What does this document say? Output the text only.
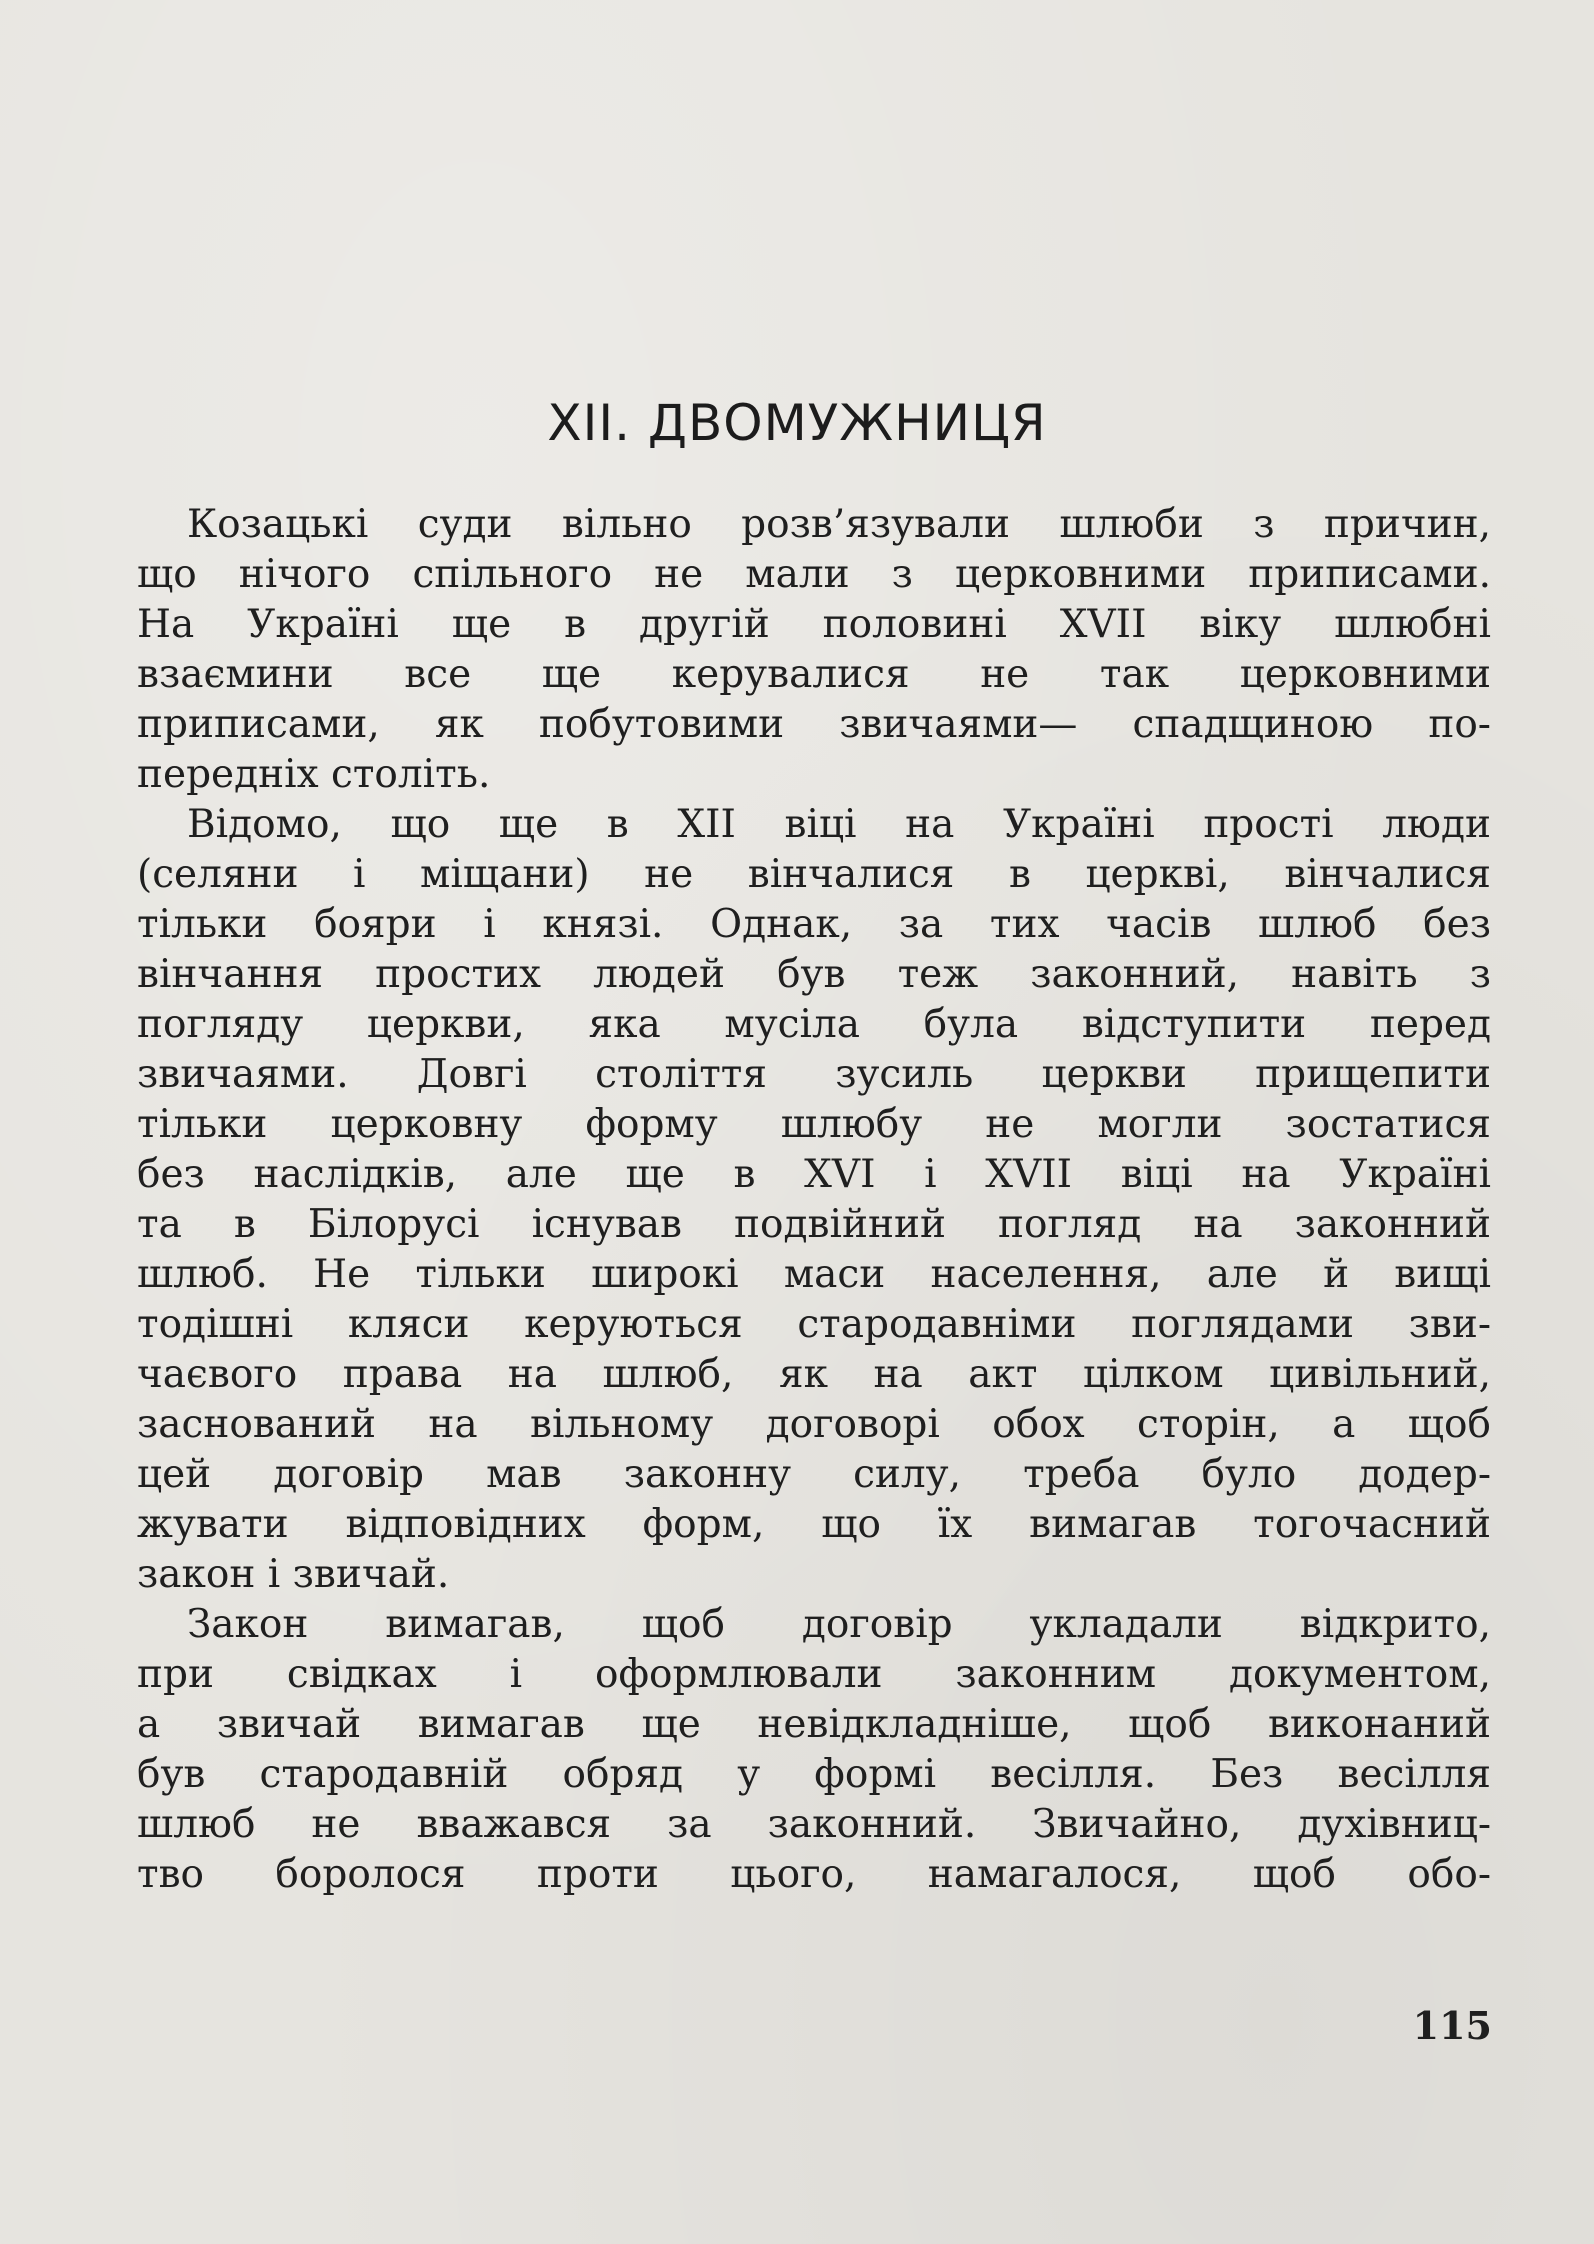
XII. ДВОМУЖНИЦЯ
Козацькі суди вільно розв’язували шлюби з причин,
що нічого спільного не мали з церковними приписами.
На Україні ще в другій половині XVII віку шлюбні
взаємини все ще керувалися не так церковними
приписами, як побутовими звичаями— спадщиною по-
передніх століть.
Відомо, що ще в XII віці на Україні прості люди
(селяни і міщани) не вінчалися в церкві, вінчалися
тільки бояри і князі. Однак, за тих часів шлюб без
вінчання простих людей був теж законний, навіть з
погляду церкви, яка мусіла була відступити перед
звичаями. Довгі століття зусиль церкви прищепити
тільки церковну форму шлюбу не могли зостатися
без наслідків, але ще в XVI і XVII віці на Україні
та в Білорусі існував подвійний погляд на законний
шлюб. Не тільки широкі маси населення, але й вищі
тодішні кляси керуються стародавніми поглядами зви-
чаєвого права на шлюб, як на акт цілком цивільний,
заснований на вільному договорі обох сторін, а щоб
цей договір мав законну силу, треба було додер-
жувати відповідних форм, що їх вимагав тогочасний
закон і звичай.
Закон вимагав, щоб договір укладали відкрито,
при свідках і оформлювали законним документом,
а звичай вимагав ще невідкладніше, щоб виконаний
був стародавній обряд у формі весілля. Без весілля
шлюб не вважався за законний. Звичайно, духівниц-
тво боролося проти цього, намагалося, щоб обо-
115
